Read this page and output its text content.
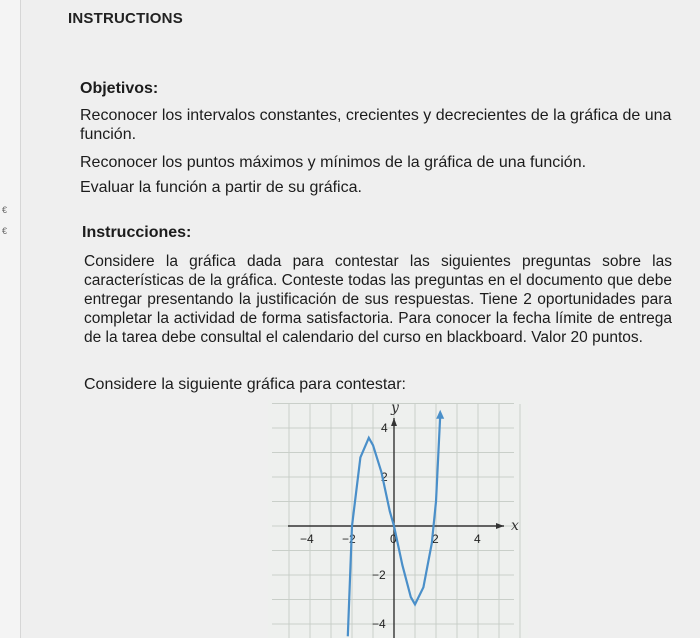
€
€
INSTRUCTIONS
Objetivos:

Reconocer los intervalos constantes, crecientes y decrecientes de la gráfica de una función.

Reconocer los puntos máximos y mínimos de la gráfica de una función.

Evaluar la función a partir de su gráfica.

Instrucciones:

Considere la gráfica dada para contestar las siguientes preguntas sobre las características de la gráfica. Conteste todas las preguntas en el documento que debe entregar presentando la justificación de sus respuestas. Tiene 2 oportunidades para completar la actividad de forma satisfactoria. Para conocer la fecha límite de entrega de la tarea debe consultal el calendario del curso en blackboard. Valor 20 puntos.

Considere la siguiente gráfica para contestar:
−4 −2	0	2	4
4
2
−2
−4
x
y
